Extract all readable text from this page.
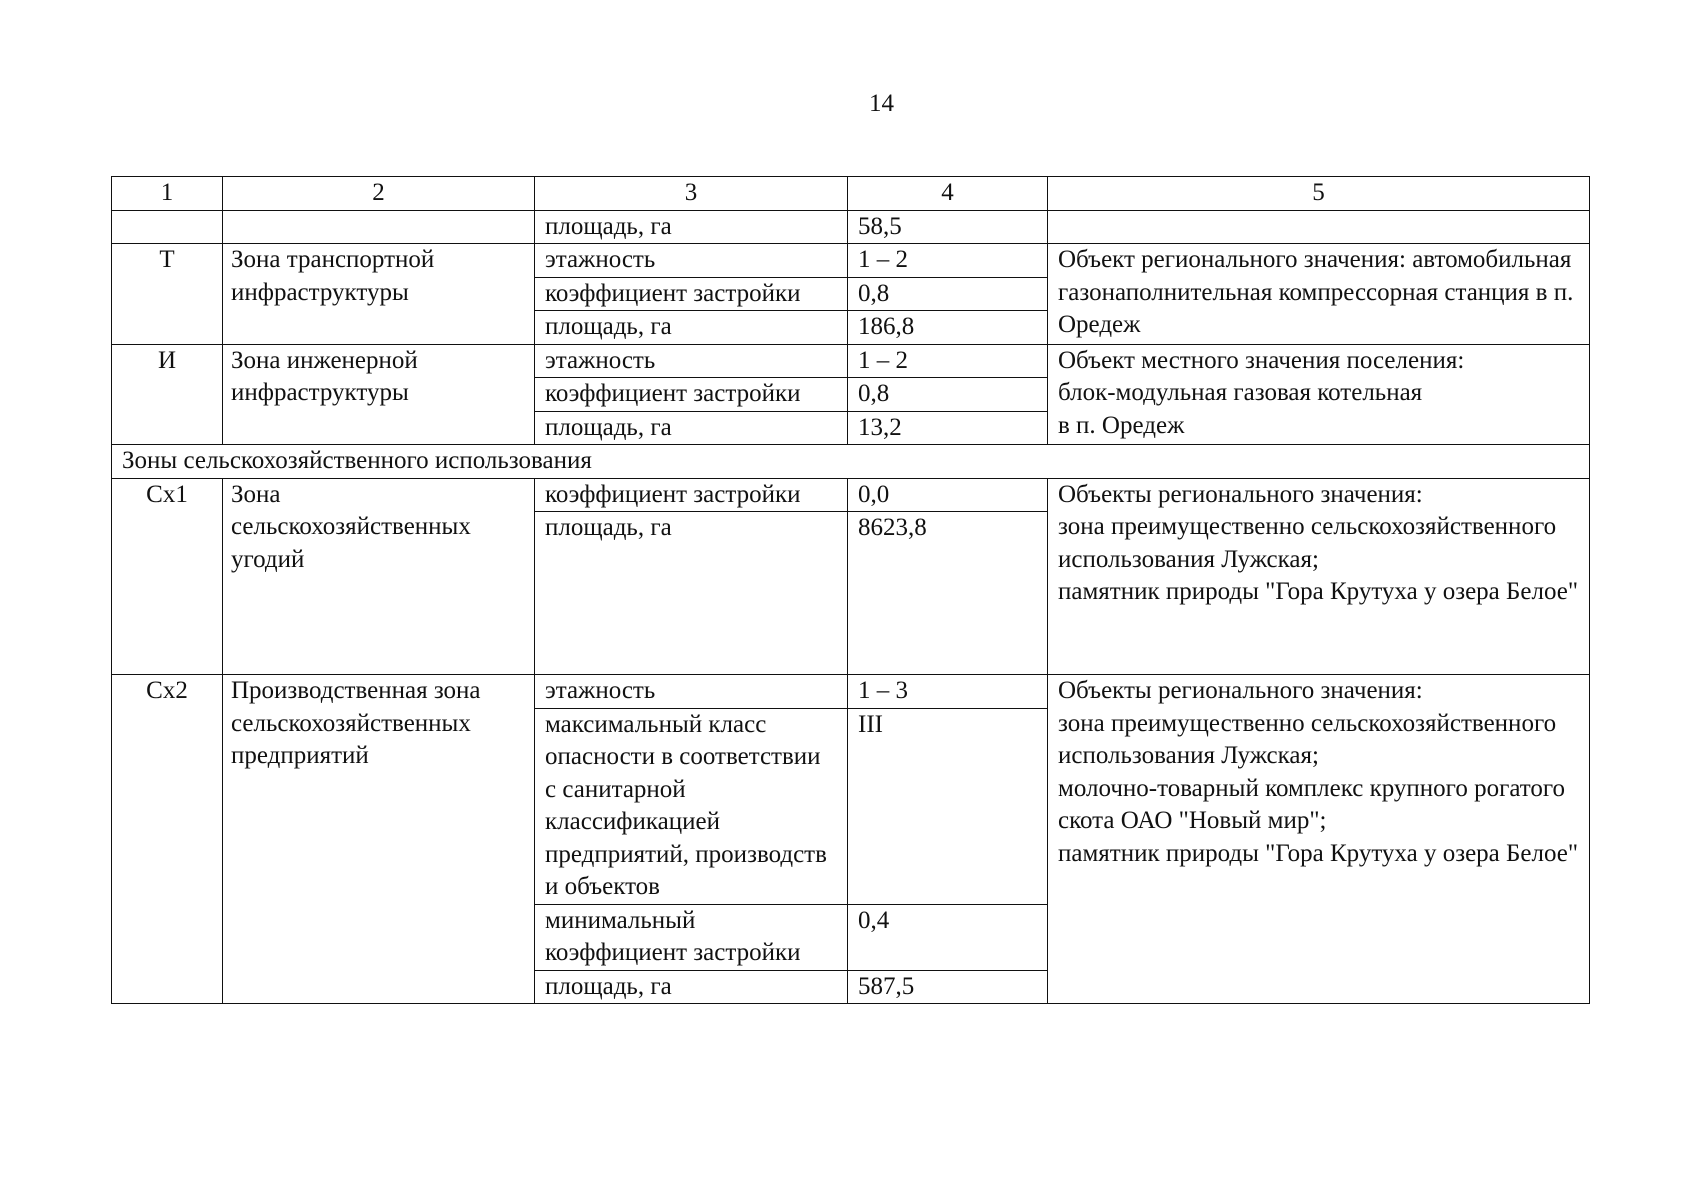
14
1	2	3	4	5
		площадь, га	58,5	
Т	Зона транспортной инфраструктуры	этажность	1 – 2	Объект регионального значения: автомобильная газонаполнительная компрессорная станция в п. Оредеж
		коэффициент застройки	0,8	
		площадь, га	186,8	
И	Зона инженерной инфраструктуры	этажность	1 – 2	Объект местного значения поселения:
блок-модульная газовая котельная
в п. Оредеж

		коэффициент застройки	0,8	
		площадь, га	13,2	
Зоны сельскохозяйственного использования				
Сх1	Зона сельскохозяйственных угодий	коэффициент застройки	0,0	Объекты регионального значения:
зона преимущественно сельскохозяйственного использования Лужская;
памятник природы "Гора Крутуха у озера Белое"

		площадь, га	8623,8	
Сх2	Производственная зона сельскохозяйственных предприятий	этажность	1 – 3	Объекты регионального значения:
зона преимущественно сельскохозяйственного использования Лужская;
молочно-товарный комплекс крупного рогатого скота ОАО "Новый мир";
памятник природы "Гора Крутуха у озера Белое"

		максимальный класс опасности в соответствии с санитарной классификацией предприятий, производств и объектов	III	
		минимальный коэффициент застройки	0,4	
		площадь, га	587,5	
